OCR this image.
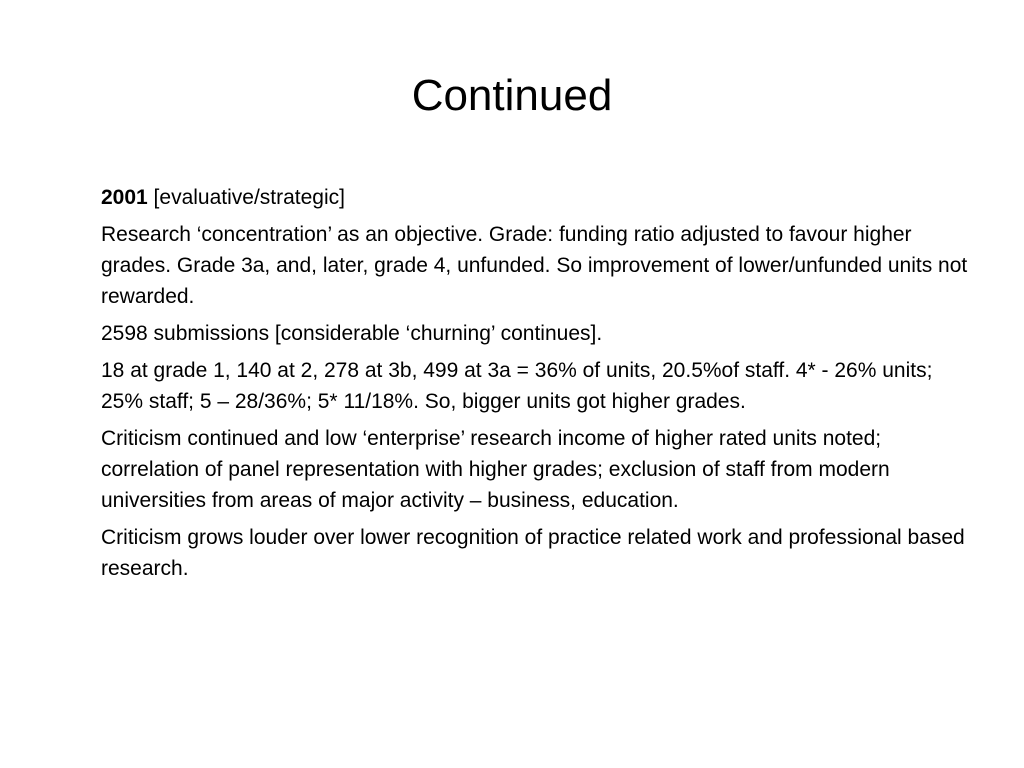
Continued

2001 [evaluative/strategic]

Research ‘concentration’ as an objective. Grade: funding ratio adjusted to favour higher grades. Grade 3a, and, later, grade 4, unfunded. So improvement of lower/unfunded units not rewarded.

2598 submissions [considerable ‘churning’ continues].

18 at grade 1, 140 at 2, 278 at 3b, 499 at 3a = 36% of units, 20.5%of staff. 4* - 26% units; 25% staff; 5 – 28/36%; 5* 11/18%. So, bigger units got higher grades.

Criticism continued and low ‘enterprise’ research income of higher rated units noted; correlation of panel representation with higher grades; exclusion of staff from modern universities from areas of major activity – business, education.

Criticism grows louder over lower recognition of practice related work and professional based research.
